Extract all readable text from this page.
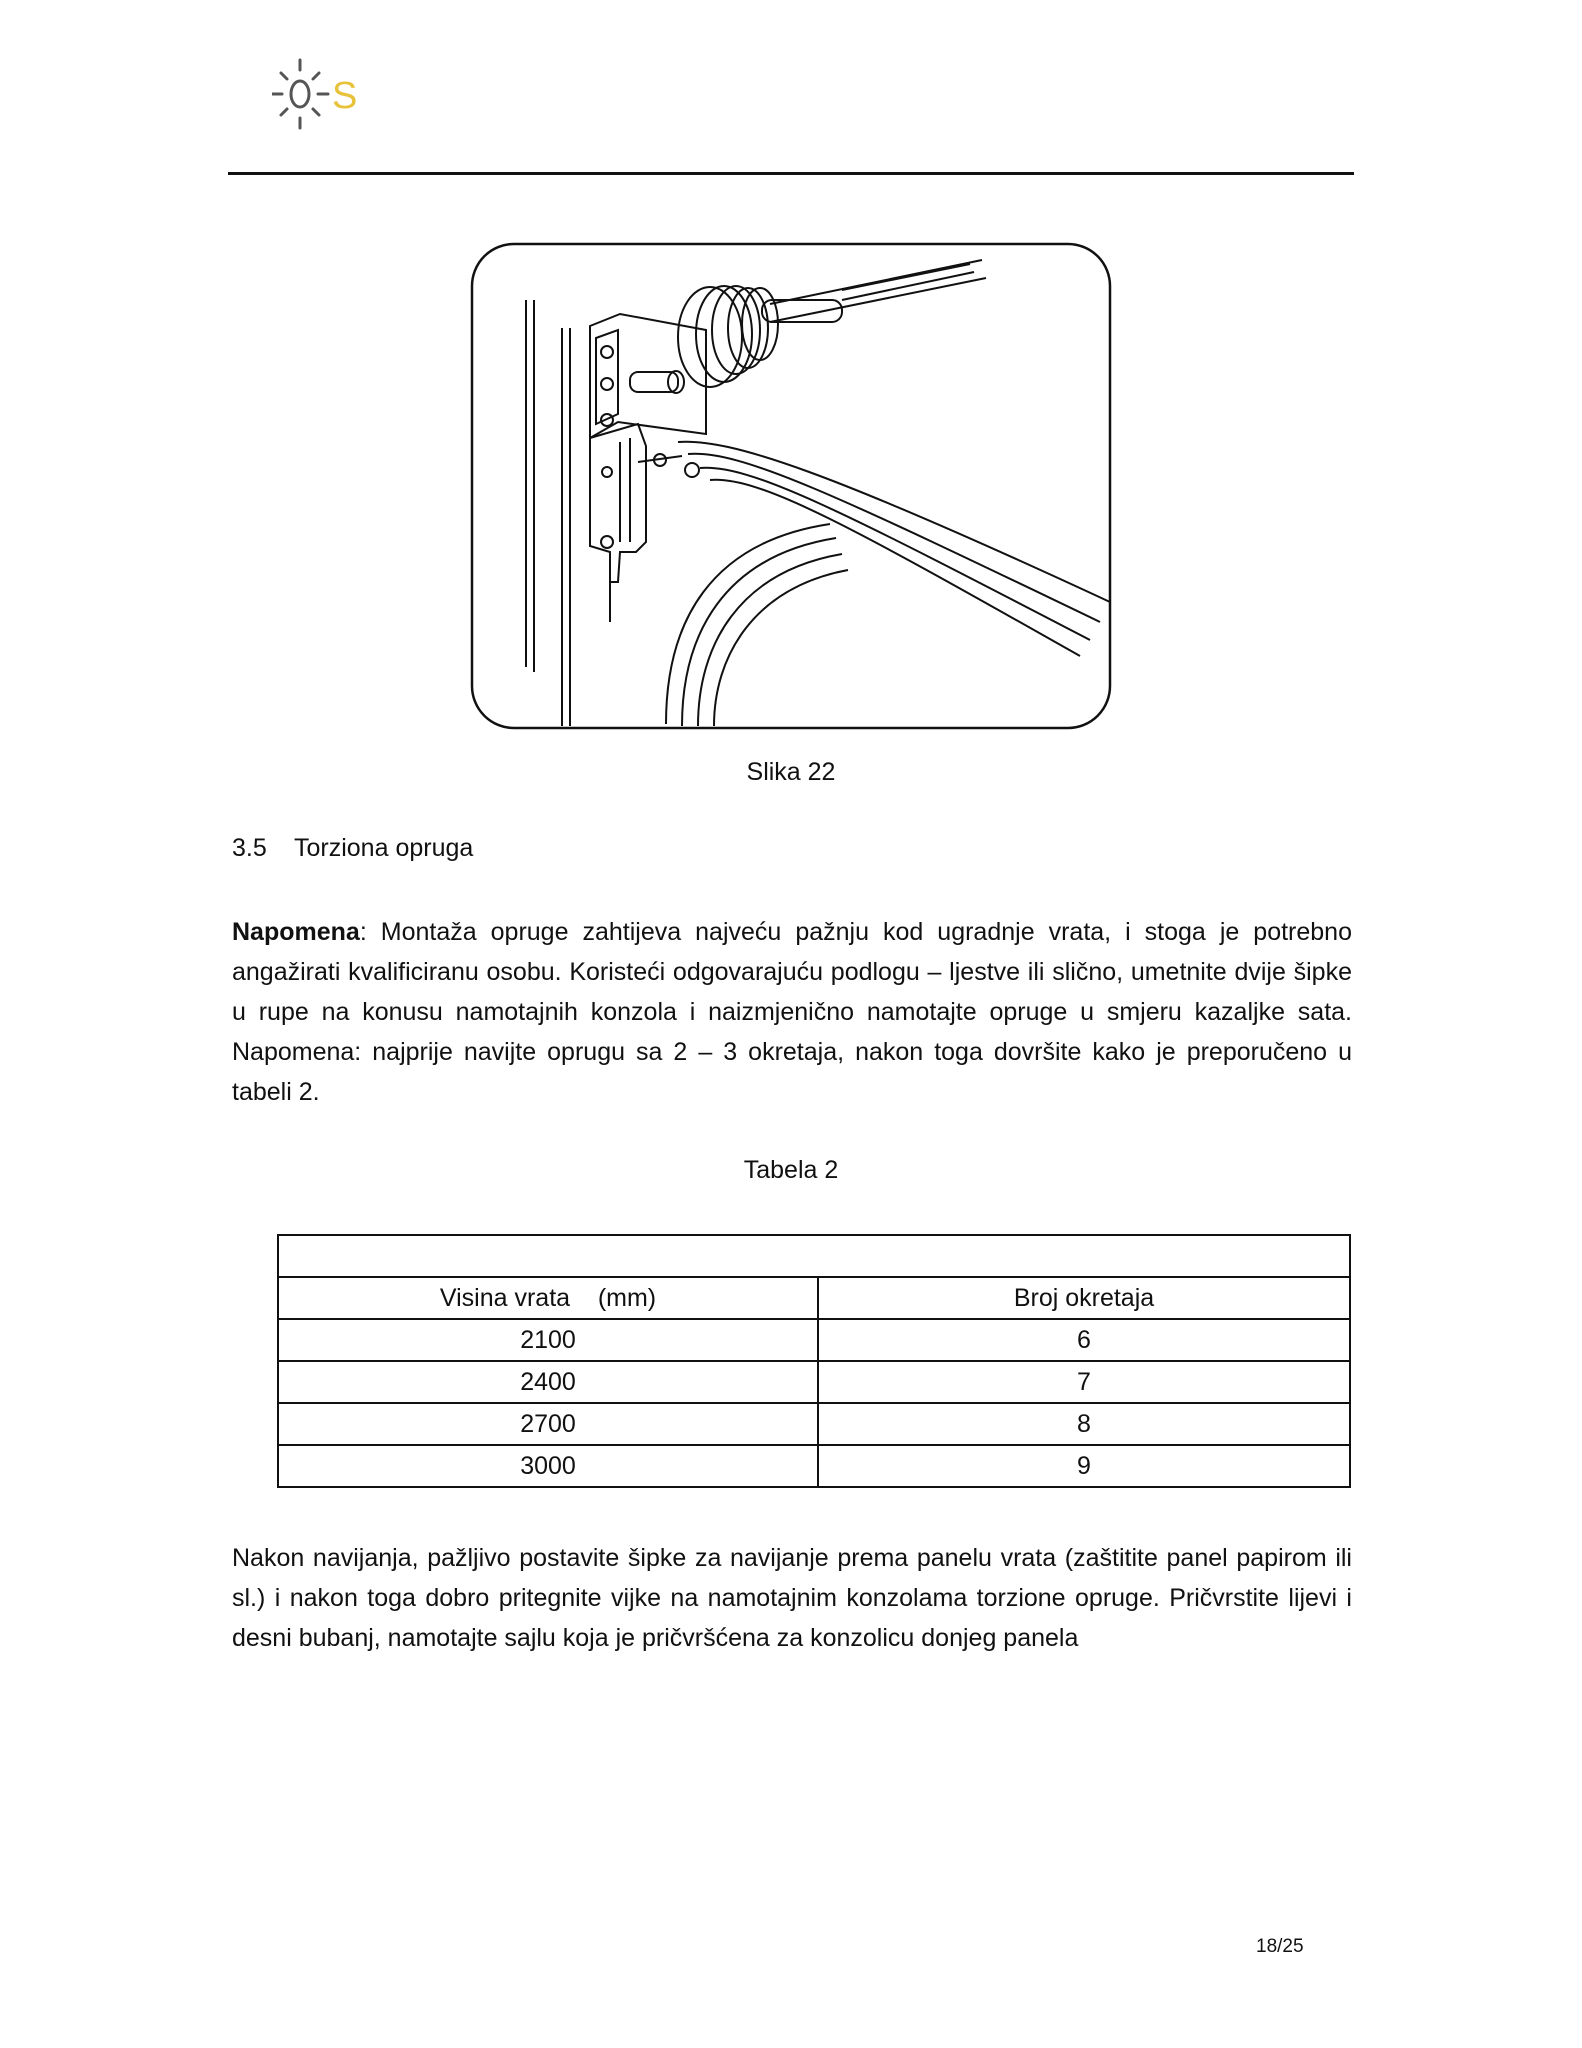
S
Slika 22
3.5 Torziona opruga
Napomena: Montaža opruge zahtijeva najveću pažnju kod ugradnje vrata, i stoga je potrebno angažirati kvalificiranu osobu. Koristeći odgovarajuću podlogu – ljestve ili slično, umetnite dvije šipke u rupe na konusu namotajnih konzola i naizmjenično namotajte opruge u smjeru kazaljke sata. Napomena: najprije navijte oprugu sa 2 – 3 okretaja, nakon toga dovršite kako je preporučeno u tabeli 2.
Tabela 2

Visina vrata    (mm)	Broj okretaja
2100	6
2400	7
2700	8
3000	9
Nakon navijanja, pažljivo postavite šipke za navijanje prema panelu vrata (zaštitite panel papirom ili sl.) i nakon toga dobro pritegnite vijke na namotajnim konzolama torzione opruge. Pričvrstite lijevi i desni bubanj, namotajte sajlu koja je pričvršćena za konzolicu donjeg panela
18/25
